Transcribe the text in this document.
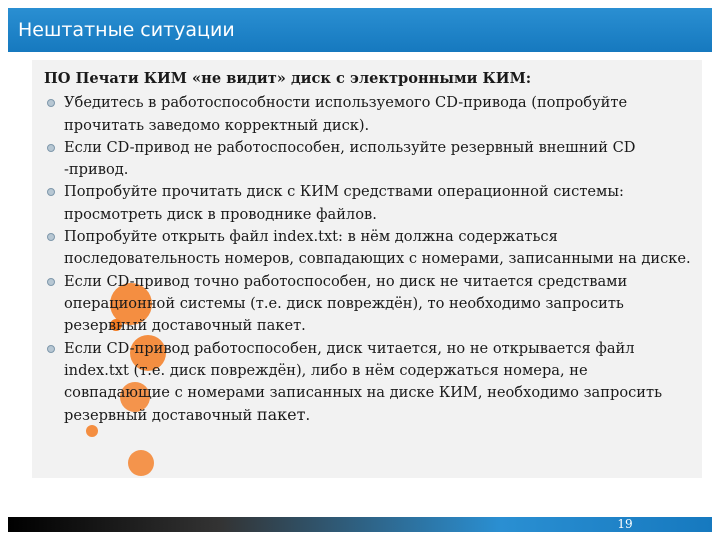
Нештатные ситуации

ПО Печати КИМ «не видит» диск с электронными КИМ:

Убедитесь в работоспособности используемого CD-привода (попробуйте прочитать заведомо корректный диск).
Если CD-привод не работоспособен, используйте резервный внешний CD -привод.
Попробуйте прочитать диск с КИМ средствами операционной системы: просмотреть диск в проводнике файлов.
Попробуйте открыть файл index.txt: в нём должна содержаться последовательность номеров, совпадающих с номерами, записанными на диске.
Если CD-привод точно работоспособен, но диск не читается средствами операционной системы (т.е. диск повреждён), то необходимо запросить резервный доставочный пакет.
Если CD-привод работоспособен, диск читается, но не открывается файл index.txt (т.е. диск повреждён), либо в нём содержаться номера, не совпадающие с номерами записанных на диске КИМ, необходимо запросить резервный доставочный пакет.
19
